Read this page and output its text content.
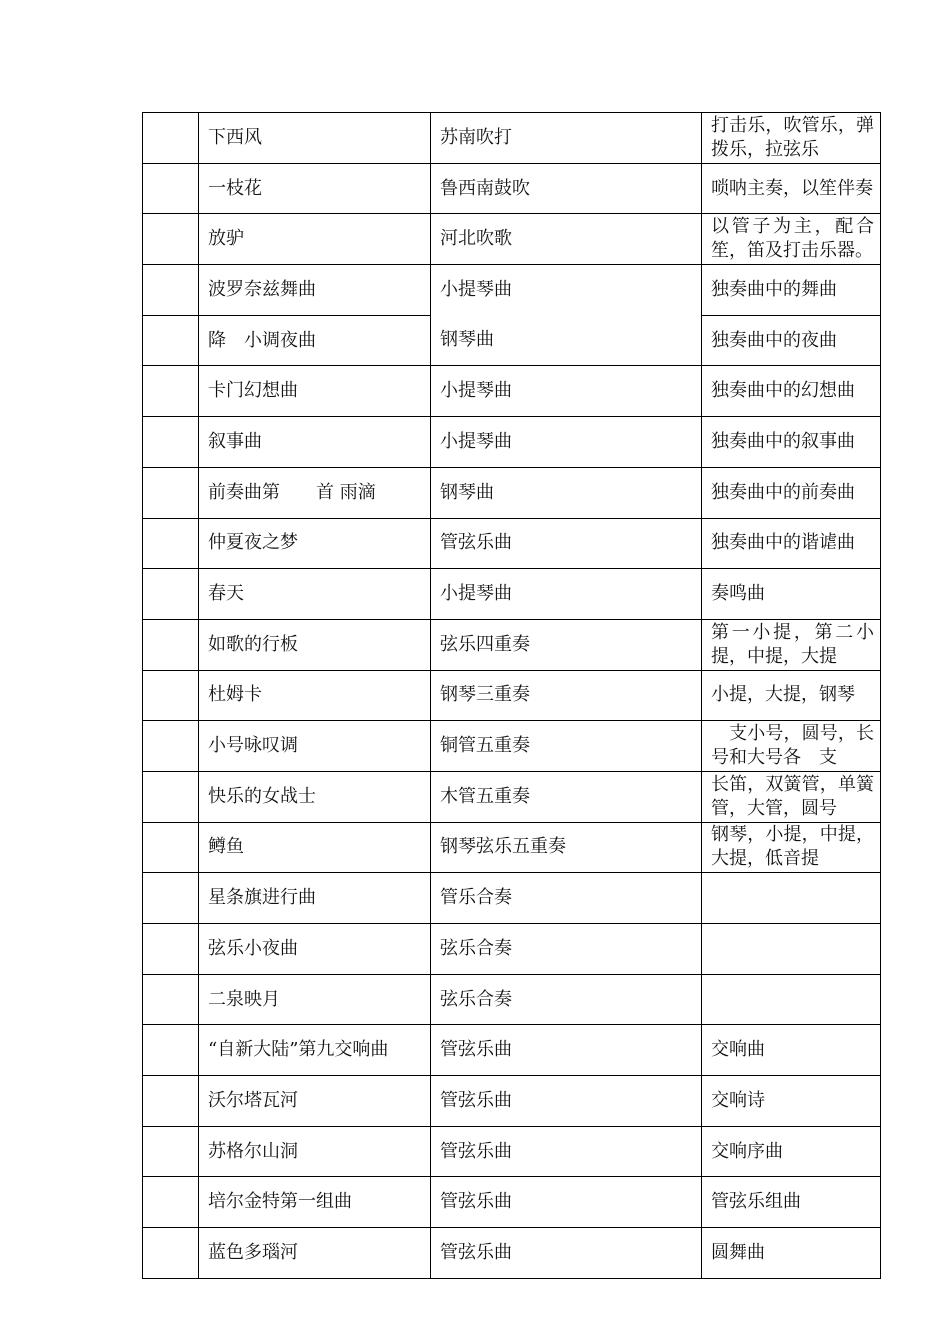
	下西风	苏南吹打	打击乐，吹管乐，弹拨乐，拉弦乐
	一枝花	鲁西南鼓吹	唢呐主奏，以笙伴奏
	放驴	河北吹歌	以管子为主，配合笙，笛及打击乐器。
	波罗奈兹舞曲	小提琴曲	独奏曲中的舞曲
	降　小调夜曲	钢琴曲	独奏曲中的夜曲
	卡门幻想曲	小提琴曲	独奏曲中的幻想曲
	叙事曲	小提琴曲	独奏曲中的叙事曲
	前奏曲第　　首 雨滴	钢琴曲	独奏曲中的前奏曲
	仲夏夜之梦	管弦乐曲	独奏曲中的谐谑曲
	春天	小提琴曲	奏鸣曲
	如歌的行板	弦乐四重奏	第一小提，第二小提，中提，大提
	杜姆卡	钢琴三重奏	小提，大提，钢琴
	小号咏叹调	铜管五重奏	　支小号，圆号，长号和大号各　支
	快乐的女战士	木管五重奏	长笛，双簧管，单簧管，大管，圆号
	鳟鱼	钢琴弦乐五重奏	钢琴，小提，中提，大提，低音提
	星条旗进行曲	管乐合奏	
	弦乐小夜曲	弦乐合奏	
	二泉映月	弦乐合奏	
	“自新大陆”第九交响曲	管弦乐曲	交响曲
	沃尔塔瓦河	管弦乐曲	交响诗
	苏格尔山洞	管弦乐曲	交响序曲
	培尔金特第一组曲	管弦乐曲	管弦乐组曲
	蓝色多瑙河	管弦乐曲	圆舞曲
